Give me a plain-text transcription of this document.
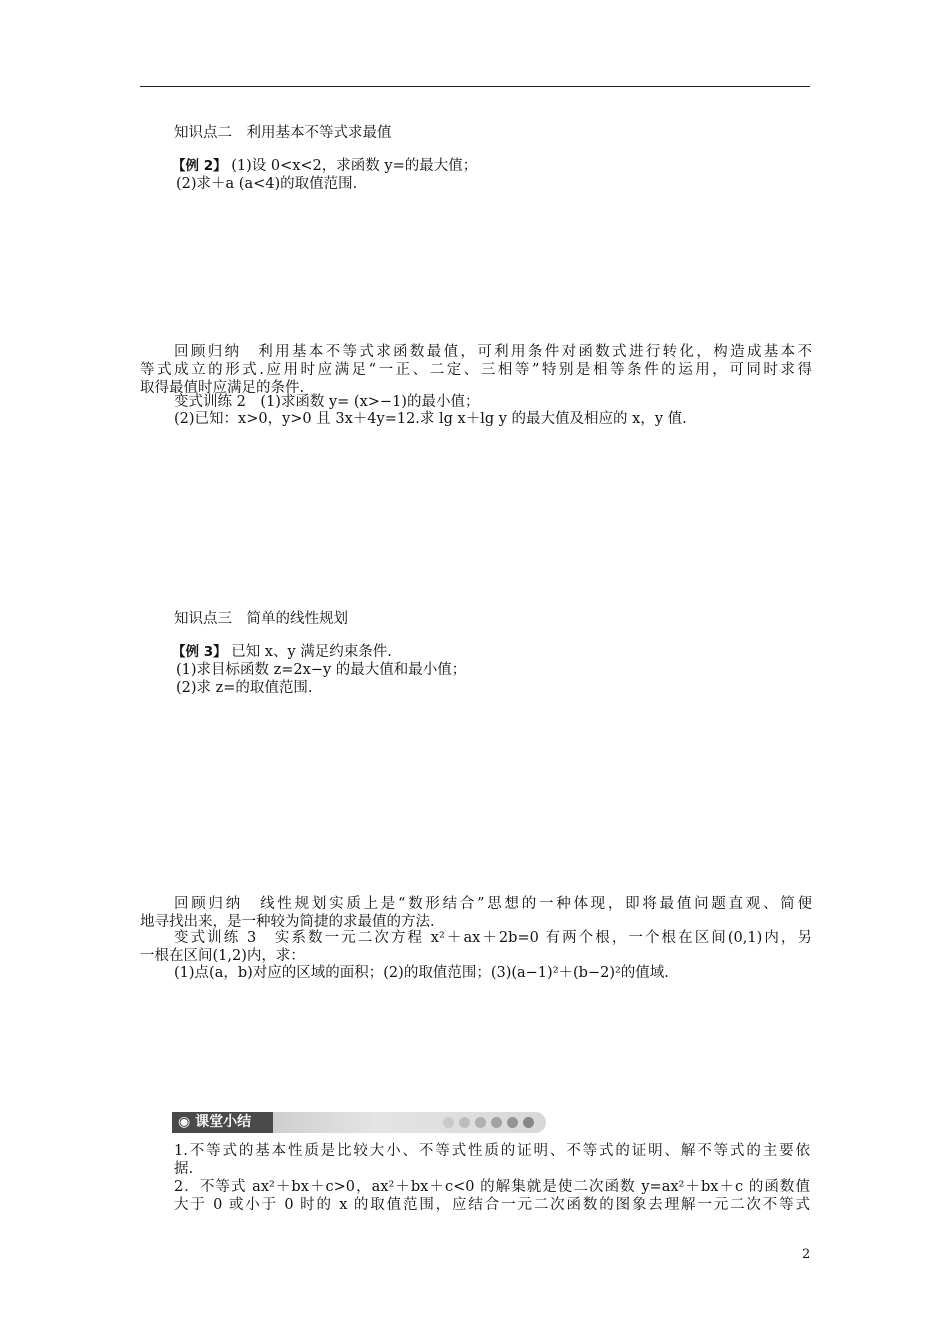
知识点二　利用基本不等式求最值
【例 2】 (1)设 0<x<2，求函数 y=的最大值；
(2)求＋a (a<4)的取值范围.
回顾归纳　利用基本不等式求函数最值，可利用条件对函数式进行转化，构造成基本不
等式成立的形式.应用时应满足“一正、二定、三相等”特别是相等条件的运用，可同时求得
取得最值时应满足的条件.
变式训练 2　(1)求函数 y= (x>−1)的最小值；
(2)已知：x>0，y>0 且 3x＋4y=12.求 lg x＋lg y 的最大值及相应的 x，y 值.
知识点三　简单的线性规划
【例 3】 已知 x、y 满足约束条件.
(1)求目标函数 z=2x−y 的最大值和最小值；
(2)求 z=的取值范围.
回顾归纳　线性规划实质上是“数形结合”思想的一种体现，即将最值问题直观、简便
地寻找出来，是一种较为简捷的求最值的方法.
变式训练 3　实系数一元二次方程 x²＋ax＋2b=0 有两个根，一个根在区间(0,1)内，另
一根在区间(1,2)内，求：
(1)点(a，b)对应的区域的面积；(2)的取值范围；(3)(a−1)²＋(b−2)²的值域.
◉ 课堂小结
1.不等式的基本性质是比较大小、不等式性质的证明、不等式的证明、解不等式的主要依
据.
2．不等式 ax²＋bx＋c>0，ax²＋bx＋c<0 的解集就是使二次函数 y=ax²＋bx＋c 的函数值
大于 0 或小于 0 时的 x 的取值范围，应结合一元二次函数的图象去理解一元二次不等式
2
